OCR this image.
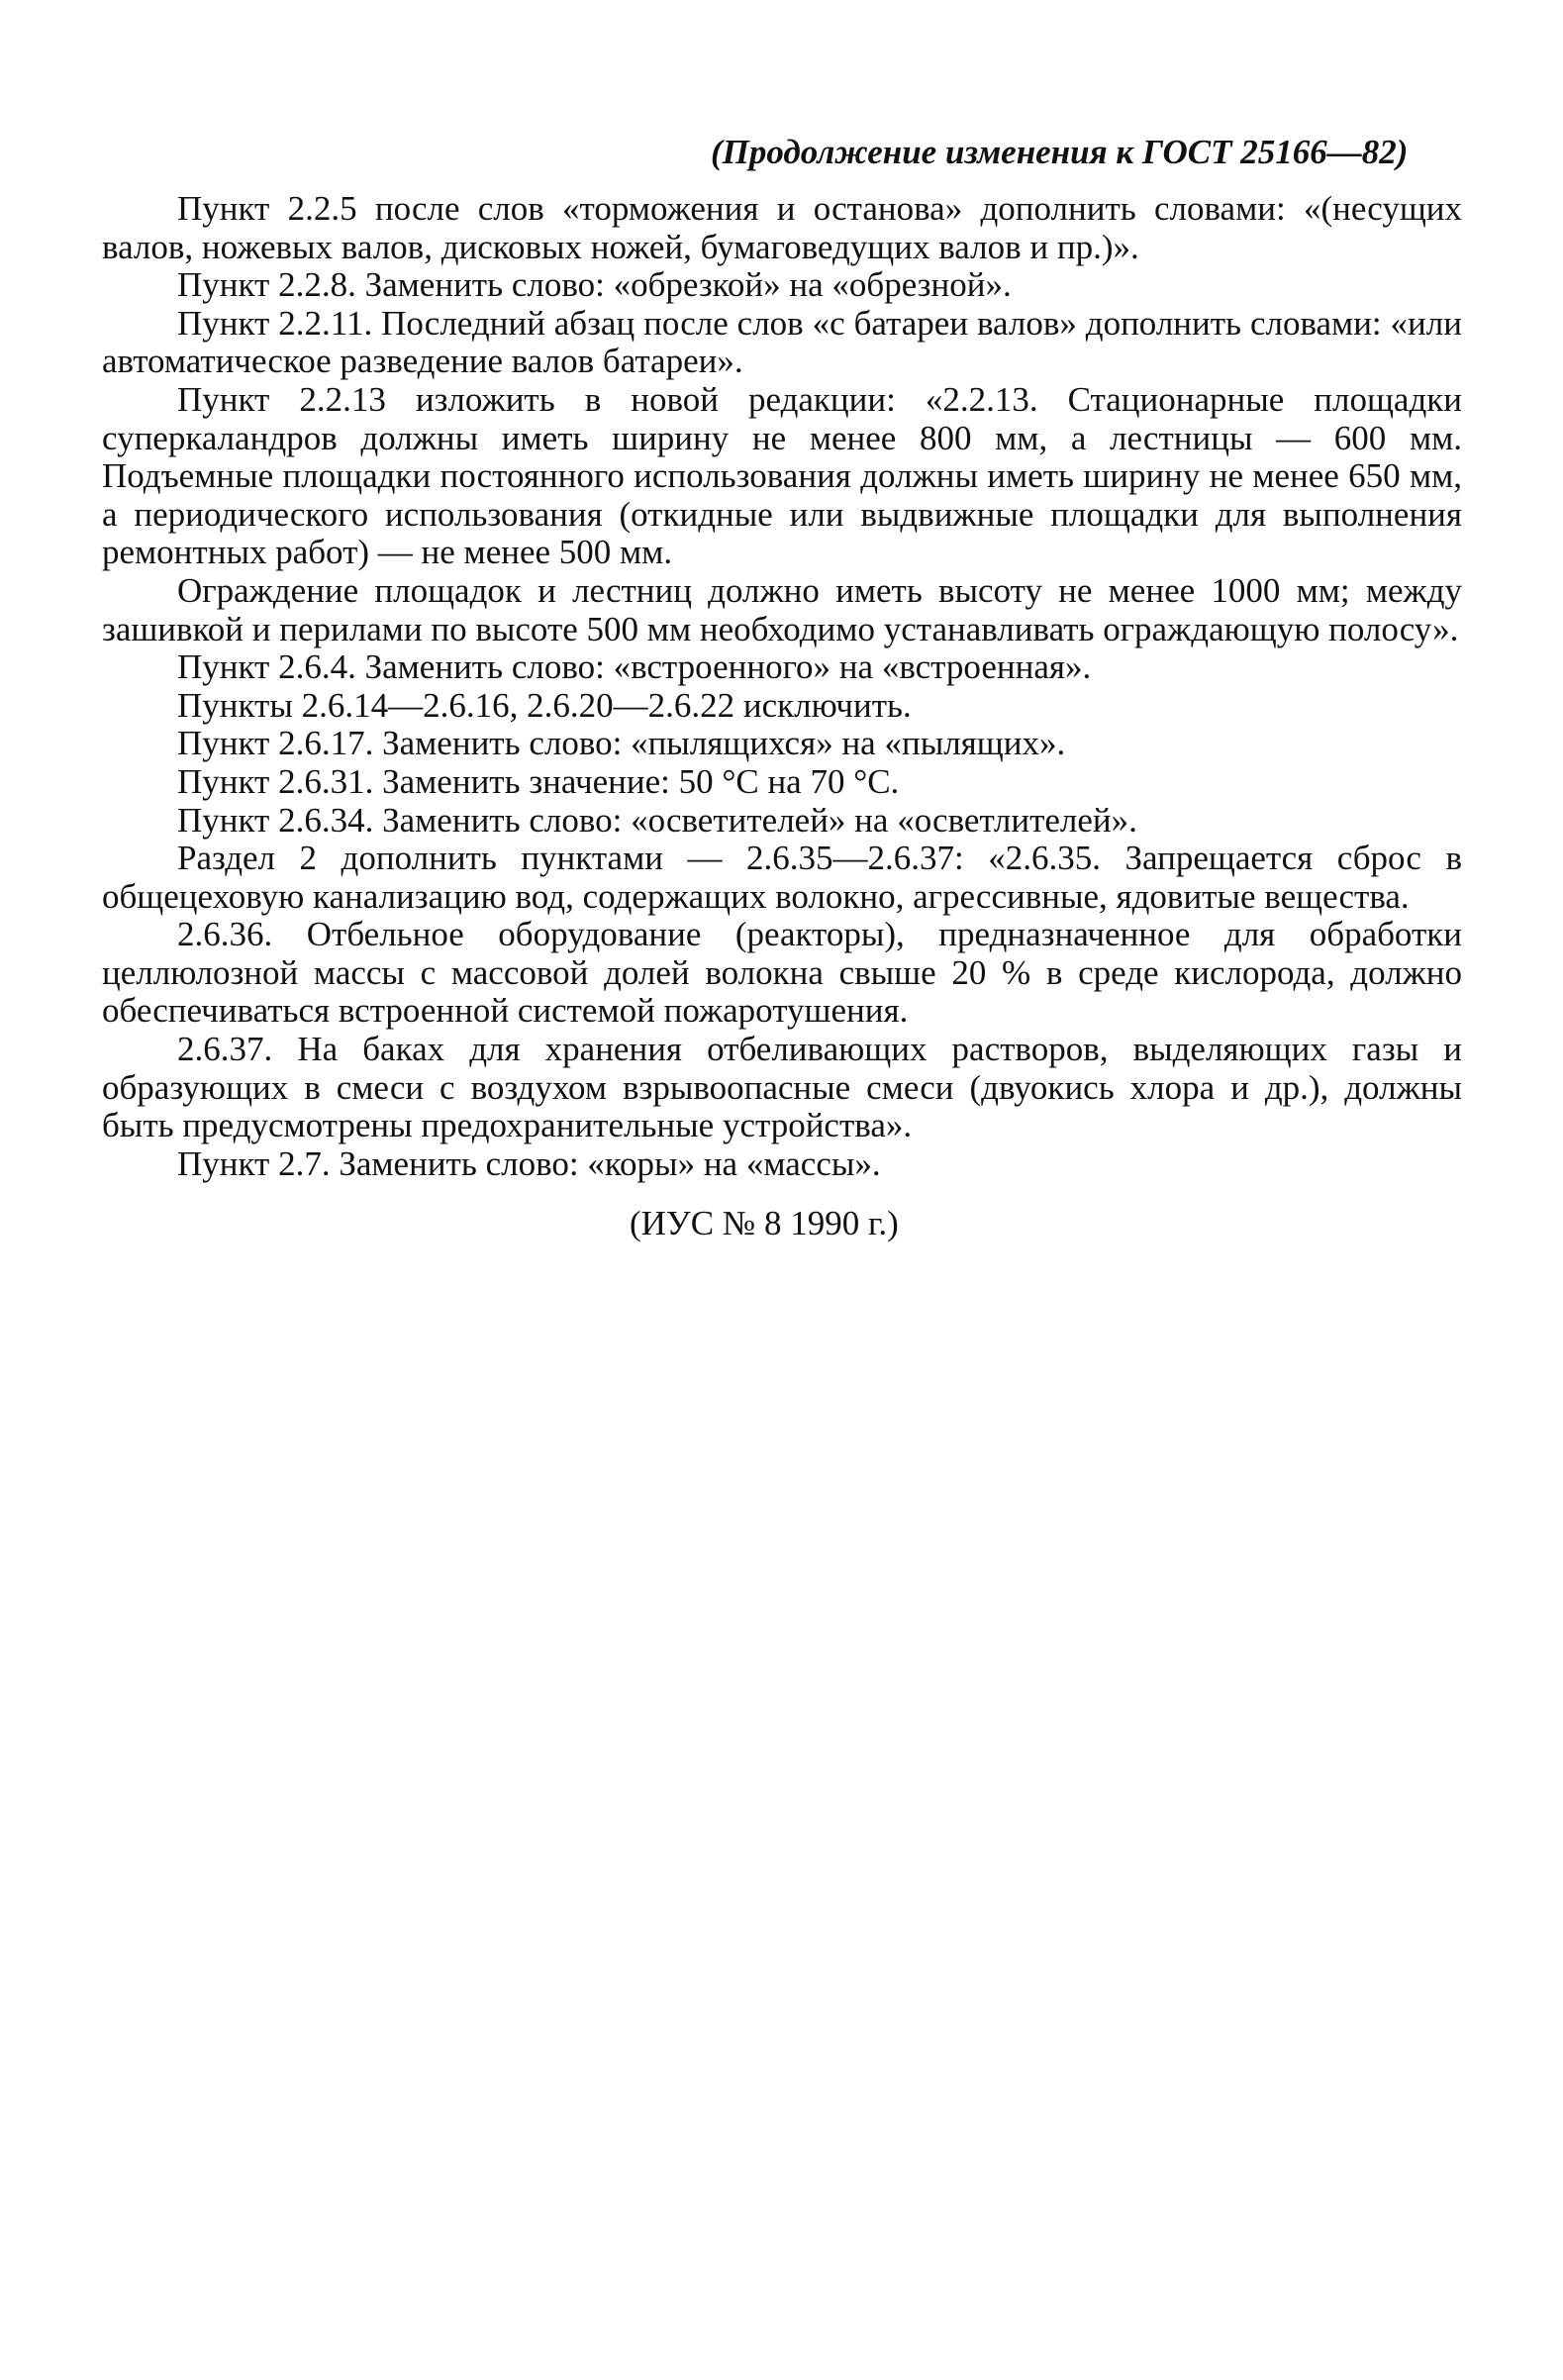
(Продолжение изменения к ГОСТ 25166—82)

Пункт 2.2.5 после слов «торможения и останова» дополнить словами: «(несущих валов, ножевых валов, дисковых ножей, бумаговедущих валов и пр.)».

Пункт 2.2.8. Заменить слово: «обрезкой» на «обрезной».

Пункт 2.2.11. Последний абзац после слов «с батареи валов» дополнить словами: «или автоматическое разведение валов батареи».

Пункт 2.2.13 изложить в новой редакции: «2.2.13. Стационарные площадки суперкаландров должны иметь ширину не менее 800 мм, а лестницы — 600 мм. Подъемные площадки постоянного использования должны иметь ширину не менее 650 мм, а периодического использования (откидные или выдвижные площадки для выполнения ремонтных работ) — не менее 500 мм.

Ограждение площадок и лестниц должно иметь высоту не менее 1000 мм; между зашивкой и перилами по высоте 500 мм необходимо устанавливать ограждающую полосу».

Пункт 2.6.4. Заменить слово: «встроенного» на «встроенная».

Пункты 2.6.14—2.6.16, 2.6.20—2.6.22 исключить.

Пункт 2.6.17. Заменить слово: «пылящихся» на «пылящих».

Пункт 2.6.31. Заменить значение: 50 °С на 70 °С.

Пункт 2.6.34. Заменить слово: «осветителей» на «осветлителей».

Раздел 2 дополнить пунктами — 2.6.35—2.6.37: «2.6.35. Запрещается сброс в общецеховую канализацию вод, содержащих волокно, агрессивные, ядовитые вещества.

2.6.36. Отбельное оборудование (реакторы), предназначенное для обработки целлюлозной массы с массовой долей волокна свыше 20 % в среде кислорода, должно обеспечиваться встроенной системой пожаротушения.

2.6.37. На баках для хранения отбеливающих растворов, выделяющих газы и образующих в смеси с воздухом взрывоопасные смеси (двуокись хлора и др.), должны быть предусмотрены предохранительные устройства».

Пункт 2.7. Заменить слово: «коры» на «массы».

(ИУС № 8 1990 г.)
